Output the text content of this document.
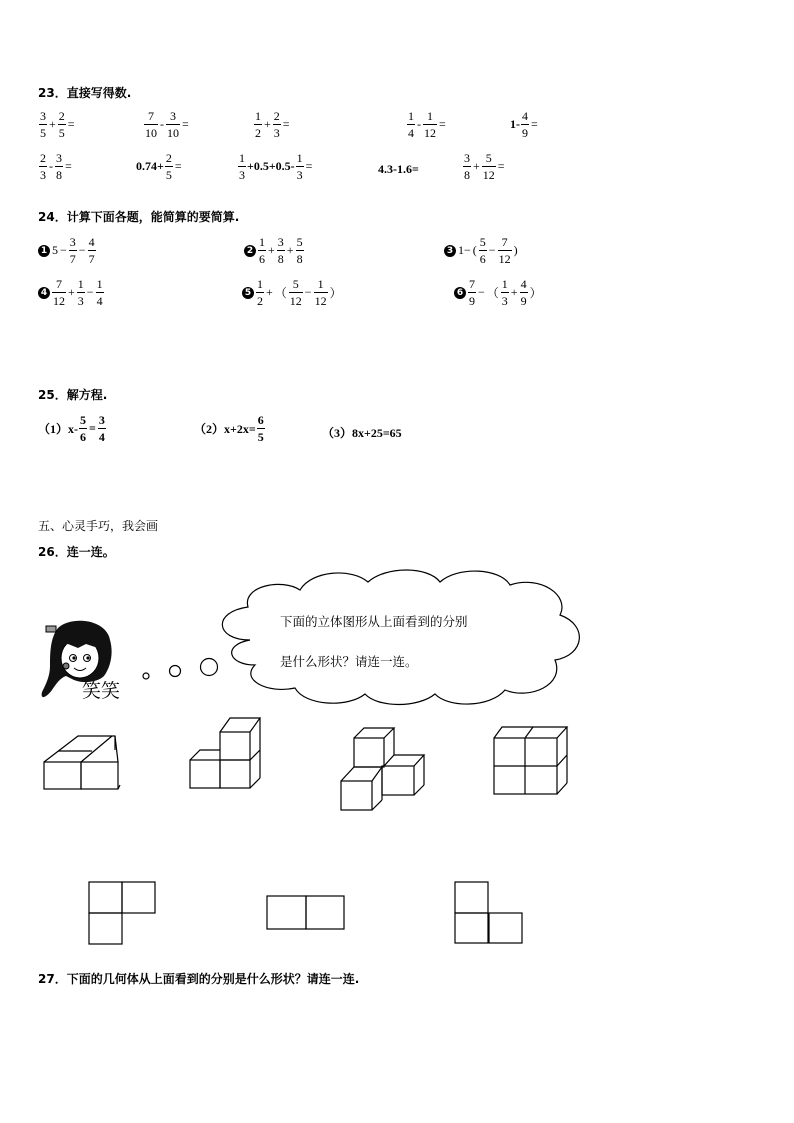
23．直接写得数.
$\frac{3}{5} + \frac{2}{5}$ =	$\frac{7}{10} - \frac{3}{10}$ =	$\frac{1}{2} + \frac{2}{3}$ =	$\frac{1}{4} - \frac{1}{12}$ =	$1- \frac{4}{9}$ =
$\frac{2}{3} - \frac{3}{8}$ =	$0.74+ \frac{2}{5}$ =	$\frac{1}{3} +0.5+0.5- \frac{1}{3}$ =	4.3-1.6=	$\frac{3}{8} + \frac{5}{12}$ =
24．计算下面各题，能简算的要简算.
1 $5 - \frac{3}{7} - \frac{4}{7}$	$2 \frac{1}{6} + \frac{3}{8} + \frac{5}{8}$	3 1− ( $\frac{5}{6} - \frac{7}{12}$ )
$4 \frac{7}{12} + \frac{1}{3} - \frac{1}{4}$	$5 \frac{1}{2}$ + （ $\frac{5}{12} - \frac{1}{12}$ ）	$6 \frac{7}{9}$ − （ $\frac{1}{3} + \frac{4}{9}$ ）
25．解方程.
$(1)x- \frac{5}{6} = \frac{3}{4}$	$(2)x+2x= \frac{6}{5}$	（3）8x+25=65
五、心灵手巧，我会画
26．连一连。
下面的立体图形从上面看到的分别
是什么形状？请连一连。
笑笑
27．下面的几何体从上面看到的分别是什么形状？请连一连.
